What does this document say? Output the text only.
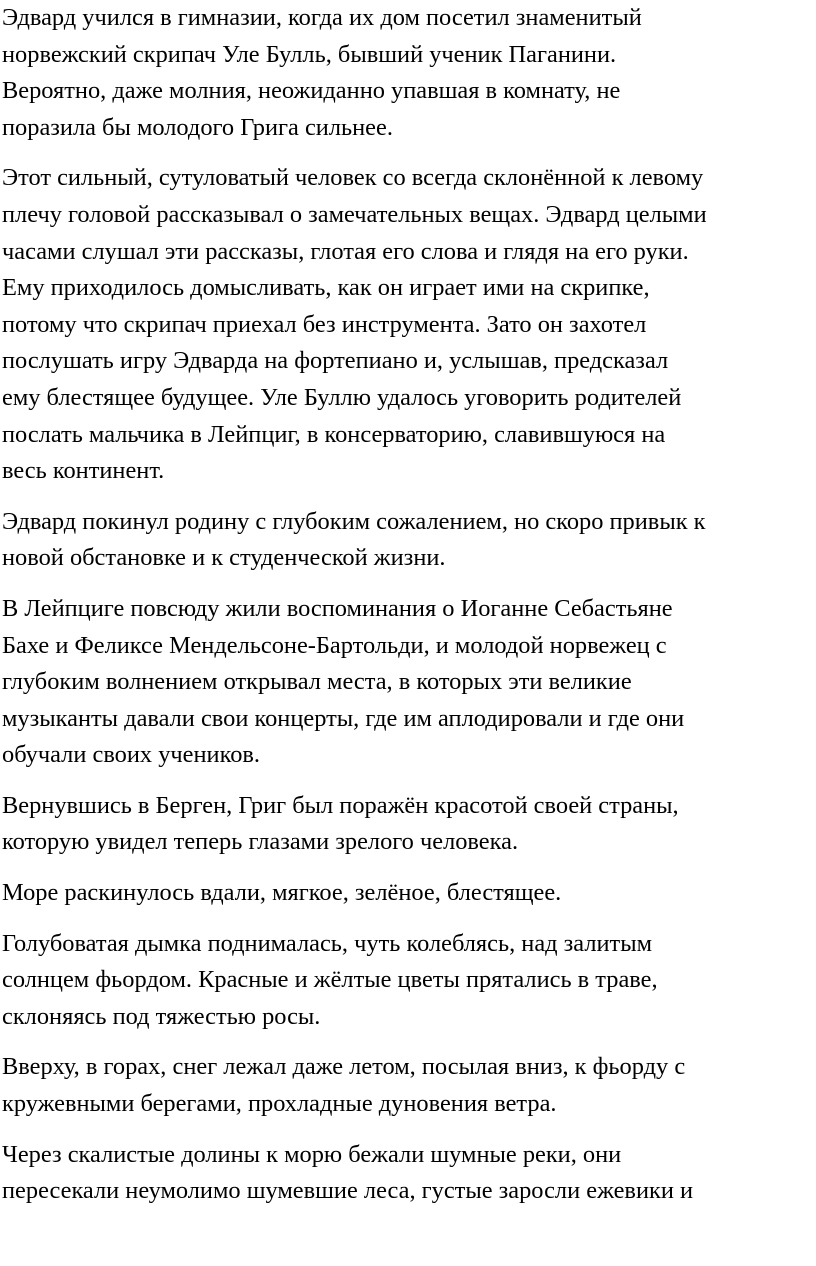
Эдвард учился в гимназии, когда их дом посетил знаменитый
норвежский скрипач Уле Булль, бывший ученик Паганини.
Вероятно, даже молния, неожиданно упавшая в комнату, не
поразила бы молодого Грига сильнее.

Этот сильный, сутуловатый человек со всегда склонённой к левому
плечу головой рассказывал о замечательных вещах. Эдвард целыми
часами слушал эти рассказы, глотая его слова и глядя на его руки.
Ему приходилось домысливать, как он играет ими на скрипке,
потому что скрипач приехал без инструмента. Зато он захотел
послушать игру Эдварда на фортепиано и, услышав, предсказал
ему блестящее будущее. Уле Буллю удалось уговорить родителей
послать мальчика в Лейпциг, в консерваторию, славившуюся на
весь континент.

Эдвард покинул родину с глубоким сожалением, но скоро привык к
новой обстановке и к студенческой жизни.

В Лейпциге повсюду жили воспоминания о Иоганне Себастьяне
Бахе и Феликсе Мендельсоне-Бартольди, и молодой норвежец с
глубоким волнением открывал места, в которых эти великие
музыканты давали свои концерты, где им аплодировали и где они
обучали своих учеников.

Вернувшись в Берген, Григ был поражён красотой своей страны,
которую увидел теперь глазами зрелого человека.

Море раскинулось вдали, мягкое, зелёное, блестящее.

Голубоватая дымка поднималась, чуть колеблясь, над залитым
солнцем фьордом. Красные и жёлтые цветы прятались в траве,
склоняясь под тяжестью росы.

Вверху, в горах, снег лежал даже летом, посылая вниз, к фьорду с
кружевными берегами, прохладные дуновения ветра.

Через скалистые долины к морю бежали шумные реки, они
пересекали неумолимо шумевшие леса, густые заросли ежевики и
